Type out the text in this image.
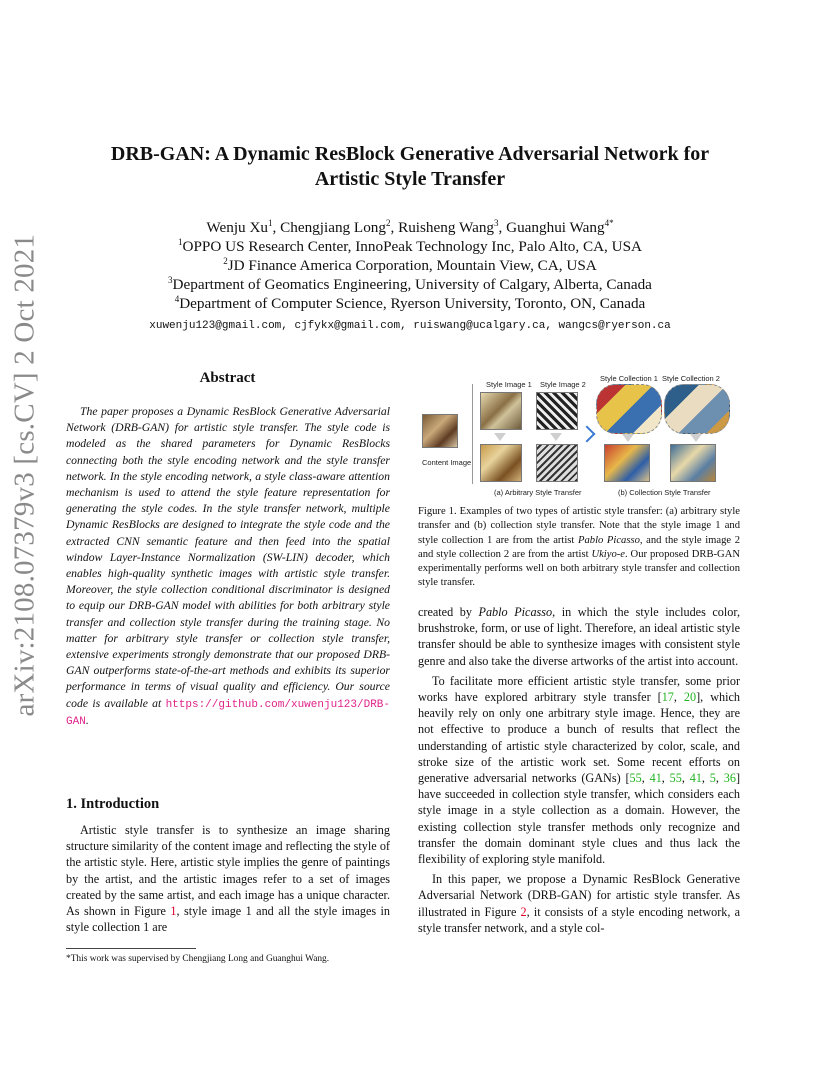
arXiv:2108.07379v3 [cs.CV] 2 Oct 2021
DRB-GAN: A Dynamic ResBlock Generative Adversarial Network for
Artistic Style Transfer
Wenju Xu$^1$, Chengjiang Long$^2$, Ruisheng Wang$^3$, Guanghui Wang$^{4*}$
$^1$OPPO US Research Center, InnoPeak Technology Inc, Palo Alto, CA, USA
$^2$JD Finance America Corporation, Mountain View, CA, USA
$^3$Department of Geomatics Engineering, University of Calgary, Alberta, Canada
$^4$Department of Computer Science, Ryerson University, Toronto, ON, Canada
xuwenju123@gmail.com, cjfykx@gmail.com, ruiswang@ucalgary.ca, wangcs@ryerson.ca
Abstract

The paper proposes a Dynamic ResBlock Generative Adversarial Network (DRB-GAN) for artistic style transfer. The style code is modeled as the shared parameters for Dynamic ResBlocks connecting both the style encoding network and the style transfer network. In the style encoding network, a style class-aware attention mechanism is used to attend the style feature representation for generating the style codes. In the style transfer network, multiple Dynamic ResBlocks are designed to integrate the style code and the extracted CNN semantic feature and then feed into the spatial window Layer-Instance Normalization (SW-LIN) decoder, which enables high-quality synthetic images with artistic style transfer. Moreover, the style collection conditional discriminator is designed to equip our DRB-GAN model with abilities for both arbitrary style transfer and collection style transfer during the training stage. No matter for arbitrary style transfer or collection style transfer, extensive experiments strongly demonstrate that our proposed DRB-GAN outperforms state-of-the-art methods and exhibits its superior performance in terms of visual quality and efficiency. Our source code is available at https://github.com/xuwenju123/DRB-GAN.

1. Introduction

Artistic style transfer is to synthesize an image sharing structure similarity of the content image and reflecting the style of the artistic style. Here, artistic style implies the genre of paintings by the artist, and the artistic images refer to a set of images created by the same artist, and each image has a unique character. As shown in Figure 1, style image 1 and all the style images in style collection 1 are

*This work was supervised by Chengjiang Long and Guanghui Wang.
Style Image 1 Style Image 2
Style Collection 1 Style Collection 2
Content Image
(a) Arbitrary Style Transfer	(b) Collection Style Transfer
Figure 1. Examples of two types of artistic style transfer: (a) arbitrary style transfer and (b) collection style transfer. Note that the style image 1 and style collection 1 are from the artist Pablo Picasso, and the style image 2 and style collection 2 are from the artist Ukiyo-e. Our proposed DRB-GAN experimentally performs well on both arbitrary style transfer and collection style transfer.

created by Pablo Picasso, in which the style includes color, brushstroke, form, or use of light. Therefore, an ideal artistic style transfer should be able to synthesize images with consistent style genre and also take the diverse artworks of the artist into account.

To facilitate more efficient artistic style transfer, some prior works have explored arbitrary style transfer [17, 20], which heavily rely on only one arbitrary style image. Hence, they are not effective to produce a bunch of results that reflect the understanding of artistic style characterized by color, scale, and stroke size of the artistic work set. Some recent efforts on generative adversarial networks (GANs) [55, 41, 55, 41, 5, 36] have succeeded in collection style transfer, which considers each style image in a style collection as a domain. However, the existing collection style transfer methods only recognize and transfer the domain dominant style clues and thus lack the flexibility of exploring style manifold.

In this paper, we propose a Dynamic ResBlock Generative Adversarial Network (DRB-GAN) for artistic style transfer. As illustrated in Figure 2, it consists of a style encoding network, a style transfer network, and a style col-
